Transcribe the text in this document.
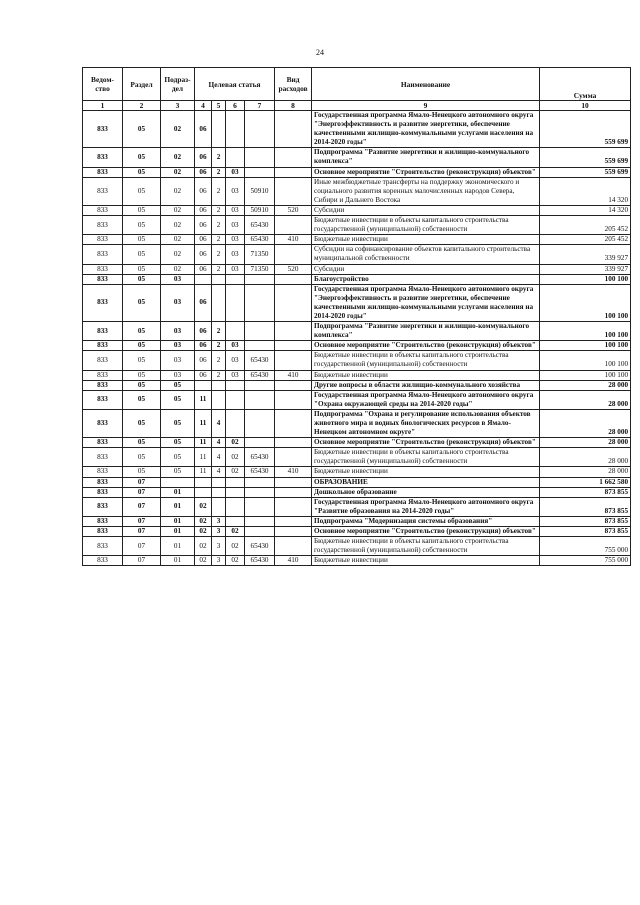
24
Ведом-ство	Раздел	Подраз-дел	Целевая статья				Вид расходов	Наименование	Сумма
1	2	3	4	5	6	7	8	9	10
833	05	02	06					Государственная программа Ямало-Ненецкого автономного округа "Энергоэффективность и развитие энергетики, обеспечение качественными жилищно-коммунальными услугами населения на 2014-2020 годы"	559 699
833	05	02	06	2				Подпрограмма "Развитие энергетики и жилищно-коммунального комплекса"	559 699
833	05	02	06	2	03			Основное мероприятие "Строительство (реконструкция) объектов"	559 699
833	05	02	06	2	03	50910		Иные межбюджетные трансферты на поддержку экономического и социального развития коренных малочисленных народов Севера, Сибири и Дальнего Востока	14 320
833	05	02	06	2	03	50910	520	Субсидии	14 320
833	05	02	06	2	03	65430		Бюджетные инвестиции в объекты капитального строительства государственной (муниципальной) собственности	205 452
833	05	02	06	2	03	65430	410	Бюджетные инвестиции	205 452
833	05	02	06	2	03	71350		Субсидии на софинансирование объектов капитального строительства муниципальной собственности	339 927
833	05	02	06	2	03	71350	520	Субсидии	339 927
833	05	03						Благоустройство	100 100
833	05	03	06					Государственная программа Ямало-Ненецкого автономного округа "Энергоэффективность и развитие энергетики, обеспечение качественными жилищно-коммунальными услугами населения на 2014-2020 годы"	100 100
833	05	03	06	2				Подпрограмма "Развитие энергетики и жилищно-коммунального комплекса"	100 100
833	05	03	06	2	03			Основное мероприятие "Строительство (реконструкция) объектов"	100 100
833	05	03	06	2	03	65430		Бюджетные инвестиции в объекты капитального строительства государственной (муниципальной) собственности	100 100
833	05	03	06	2	03	65430	410	Бюджетные инвестиции	100 100
833	05	05						Другие вопросы в области жилищно-коммунального хозяйства	28 000
833	05	05	11					Государственная программа Ямало-Ненецкого автономного округа "Охрана окружающей среды на 2014-2020 годы"	28 000
833	05	05	11	4				Подпрограмма "Охрана и регулирование использования объектов животного мира и водных биологических ресурсов в Ямало-Ненецком автономном округе"	28 000
833	05	05	11	4	02			Основное мероприятие "Строительство (реконструкция) объектов"	28 000
833	05	05	11	4	02	65430		Бюджетные инвестиции в объекты капитального строительства государственной (муниципальной) собственности	28 000
833	05	05	11	4	02	65430	410	Бюджетные инвестиции	28 000
833	07							ОБРАЗОВАНИЕ	1 662 580
833	07	01						Дошкольное образование	873 855
833	07	01	02					Государственная программа Ямало-Ненецкого автономного округа "Развитие образования на 2014-2020 годы"	873 855
833	07	01	02	3				Подпрограмма "Модернизация системы образования"	873 855
833	07	01	02	3	02			Основное мероприятие "Строительство (реконструкция) объектов"	873 855
833	07	01	02	3	02	65430		Бюджетные инвестиции в объекты капитального строительства государственной (муниципальной) собственности	755 000
833	07	01	02	3	02	65430	410	Бюджетные инвестиции	755 000
